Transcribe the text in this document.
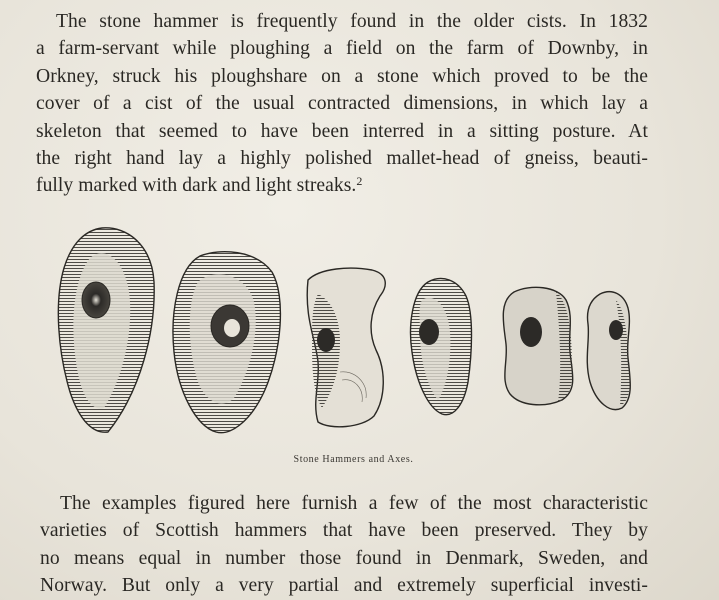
The stone hammer is frequently found in the older cists. In 1832
a farm-servant while ploughing a field on the farm of Downby, in
Orkney, struck his ploughshare on a stone which proved to be the
cover of a cist of the usual contracted dimensions, in which lay a
skeleton that seemed to have been interred in a sitting posture. At
the right hand lay a highly polished mallet-head of gneiss, beauti-
fully marked with dark and light streaks.$^2$
Stone Hammers and Axes.
The examples figured here furnish a few of the most characteristic
varieties of Scottish hammers that have been preserved. They by
no means equal in number those found in Denmark, Sweden, and
Norway. But only a very partial and extremely superficial investi-
